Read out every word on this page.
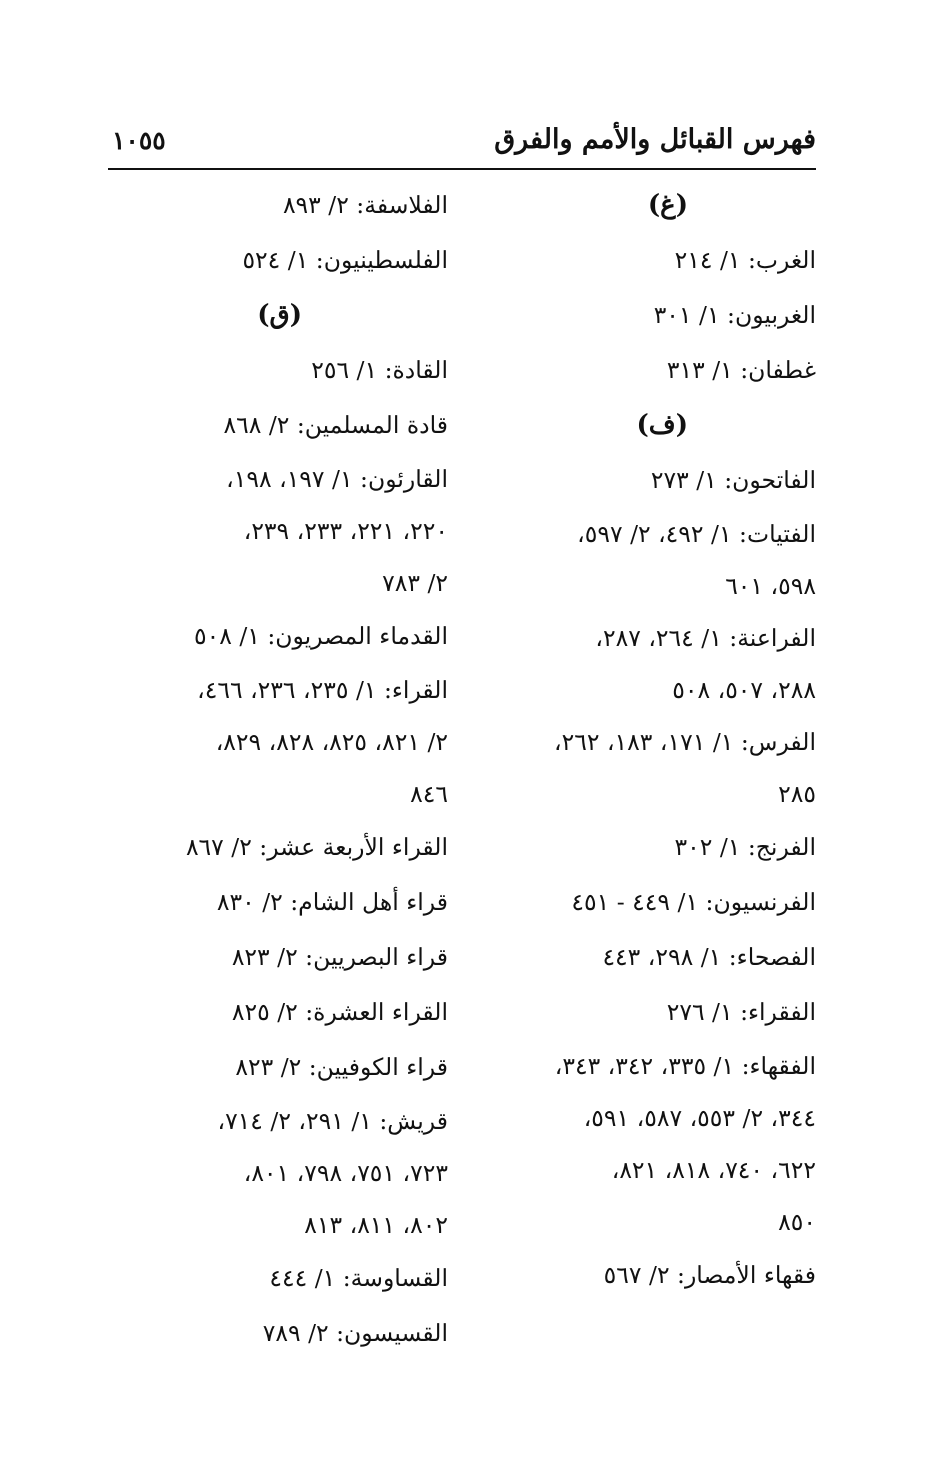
فهرس القبائل والأمم والفرق
١٠٥٥
(غ)
الغرب: ١/ ٢١٤
الغربيون: ١/ ٣٠١
غطفان: ١/ ٣١٣
(ف)
الفاتحون: ١/ ٢٧٣
الفتيات: ١/ ٤٩٢، ٢/ ٥٩٧،
٥٩٨، ٦٠١
الفراعنة: ١/ ٢٦٤، ٢٨٧،
٢٨٨، ٥٠٧، ٥٠٨
الفرس: ١/ ١٧١، ١٨٣، ٢٦٢،
٢٨٥
الفرنج: ١/ ٣٠٢
الفرنسيون: ١/ ٤٤٩ - ٤٥١
الفصحاء: ١/ ٢٩٨، ٤٤٣
الفقراء: ١/ ٢٧٦
الفقهاء: ١/ ٣٣٥، ٣٤٢، ٣٤٣،
٣٤٤، ٢/ ٥٥٣، ٥٨٧، ٥٩١،
٦٢٢، ٧٤٠، ٨١٨، ٨٢١،
٨٥٠
فقهاء الأمصار: ٢/ ٥٦٧
الفلاسفة: ٢/ ٨٩٣
الفلسطينيون: ١/ ٥٢٤
(ق)
القادة: ١/ ٢٥٦
قادة المسلمين: ٢/ ٨٦٨
القارئون: ١/ ١٩٧، ١٩٨،
٢٢٠، ٢٢١، ٢٣٣، ٢٣٩،
٢/ ٧٨٣
القدماء المصريون: ١/ ٥٠٨
القراء: ١/ ٢٣٥، ٢٣٦، ٤٦٦،
٢/ ٨٢١، ٨٢٥، ٨٢٨، ٨٢٩،
٨٤٦
القراء الأربعة عشر: ٢/ ٨٦٧
قراء أهل الشام: ٢/ ٨٣٠
قراء البصريين: ٢/ ٨٢٣
القراء العشرة: ٢/ ٨٢٥
قراء الكوفيين: ٢/ ٨٢٣
قريش: ١/ ٢٩١، ٢/ ٧١٤،
٧٢٣، ٧٥١، ٧٩٨، ٨٠١،
٨٠٢، ٨١١، ٨١٣
القساوسة: ١/ ٤٤٤
القسيسون: ٢/ ٧٨٩
